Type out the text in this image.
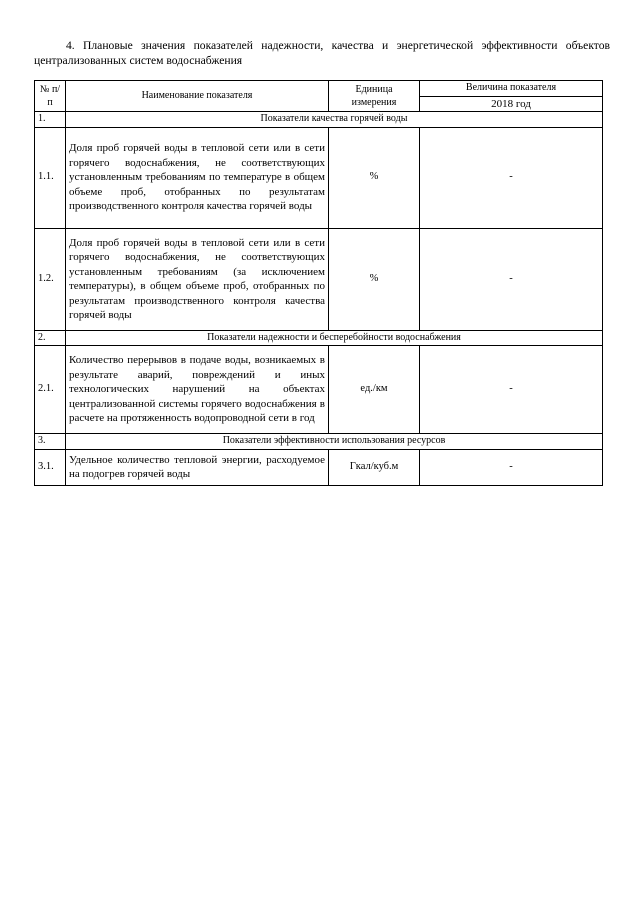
4. Плановые значения показателей надежности, качества и энергетической эффективности объектов централизованных систем водоснабжения
№ п/п	Наименование показателя	Единица измерения	Величина показателя
			2018 год
1.	Показатели качества горячей воды		
1.1.	Доля проб горячей воды в тепловой сети или в сети горячего водоснабжения, не соответствующих установленным требованиям по температуре в общем объеме проб, отобранных по результатам производственного контроля качества горячей воды	%	-
1.2.	Доля проб горячей воды в тепловой сети или в сети горячего водоснабжения, не соответствующих установленным требованиям (за исключением температуры), в общем объеме проб, отобранных по результатам производственного контроля качества горячей воды	%	-
2.	Показатели надежности и бесперебойности водоснабжения		
2.1.	Количество перерывов в подаче воды, возникаемых в результате аварий, повреждений и иных технологических нарушений на объектах централизованной системы горячего водоснабжения в расчете на протяженность водопроводной сети в год	ед./км	-
3.	Показатели эффективности использования ресурсов		
3.1.	Удельное количество тепловой энергии, расходуемое на подогрев горячей воды	Гкал/куб.м	-
